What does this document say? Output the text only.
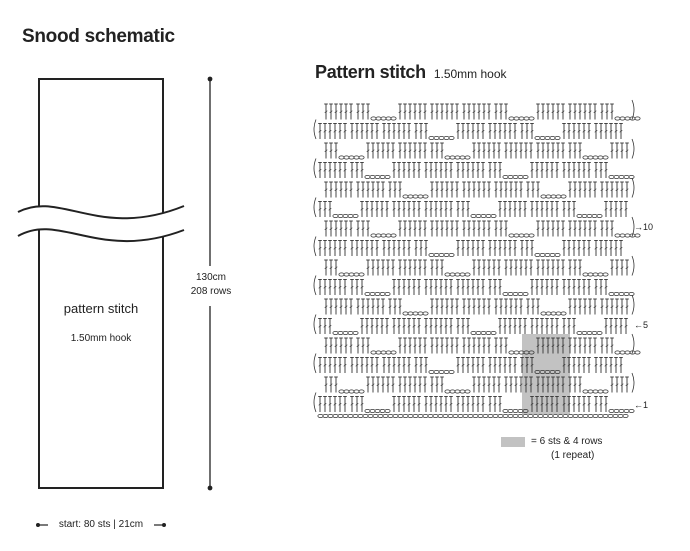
Snood schematic
Pattern stitch 1.50mm hook
pattern stitch
1.50mm hook
130cm
208 rows
start: 80 sts | 21cm
→10
←5
←1
= 6 sts & 4 rows
(1 repeat)
